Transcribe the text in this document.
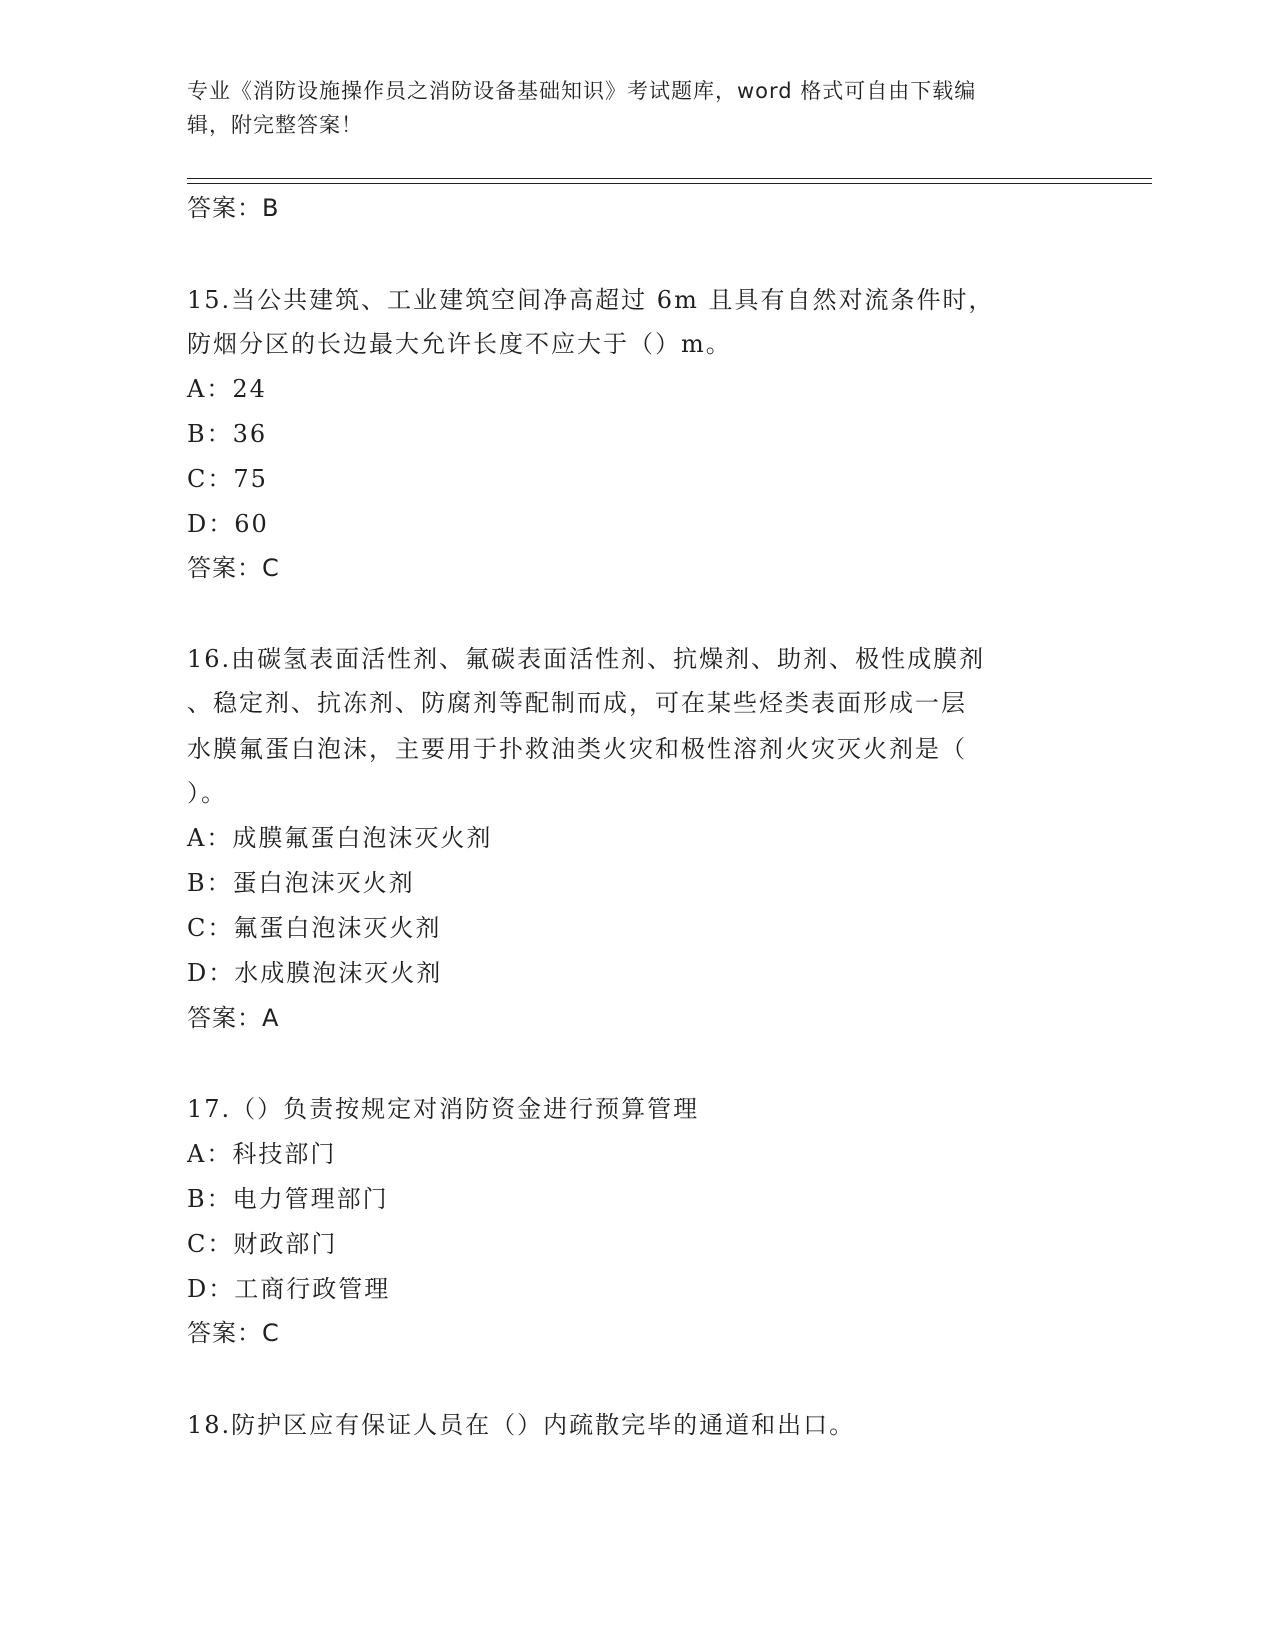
专业《消防设施操作员之消防设备基础知识》考试题库，word 格式可自由下载编
辑，附完整答案！
答案：B
15.当公共建筑、工业建筑空间净高超过 6m 且具有自然对流条件时，
防烟分区的长边最大允许长度不应大于（）m。
A：24
B：36
C：75
D：60
答案：C
16.由碳氢表面活性剂、氟碳表面活性剂、抗燥剂、助剂、极性成膜剂
、稳定剂、抗冻剂、防腐剂等配制而成，可在某些烃类表面形成一层
水膜氟蛋白泡沫，主要用于扑救油类火灾和极性溶剂火灾灭火剂是（
）。
A：成膜氟蛋白泡沫灭火剂
B：蛋白泡沫灭火剂
C：氟蛋白泡沫灭火剂
D：水成膜泡沫灭火剂
答案：A
17.（）负责按规定对消防资金进行预算管理
A：科技部门
B：电力管理部门
C：财政部门
D：工商行政管理
答案：C
18.防护区应有保证人员在（）内疏散完毕的通道和出口。
